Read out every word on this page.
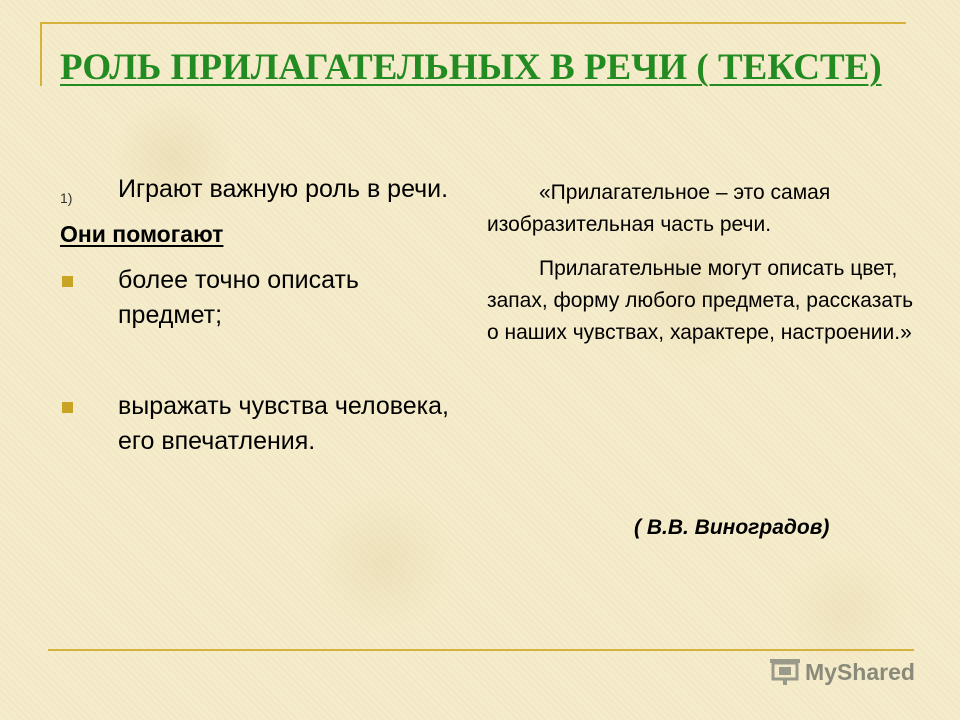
РОЛЬ ПРИЛАГАТЕЛЬНЫХ В РЕЧИ ( ТЕКСТЕ)
1) Играют важную роль в речи.
Они помогают
более точно описать предмет;
выражать чувства человека, его впечатления.

«Прилагательное – это самая изобразительная часть речи.

Прилагательные могут описать цвет, запах, форму любого предмета, рассказать о наших чувствах, характере, настроении.»

( В.В. Виноградов)
MyShared
